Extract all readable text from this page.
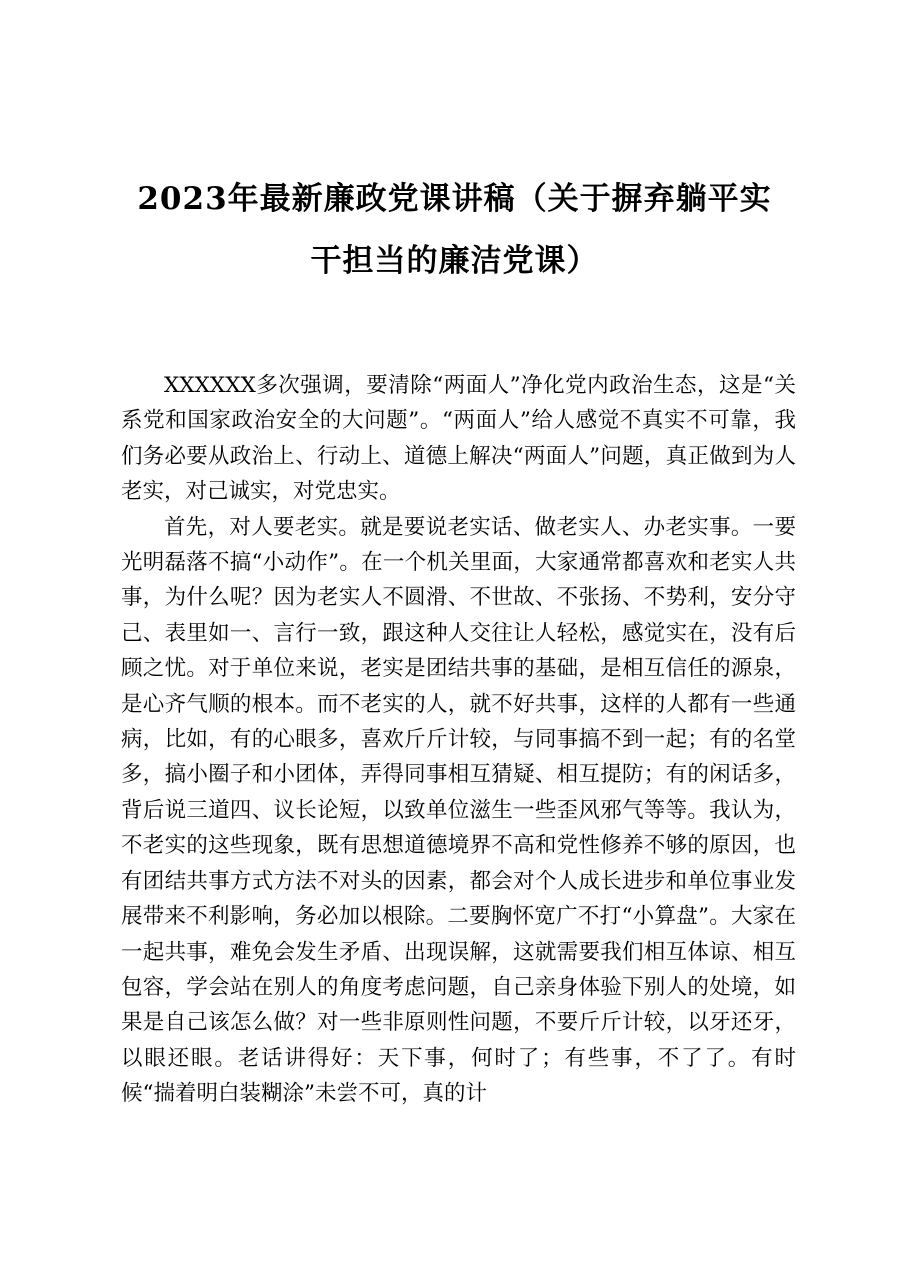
2023年最新廉政党课讲稿（关于摒弃躺平实
干担当的廉洁党课）

XXXXXX多次强调，要清除“两面人”净化党内政治生态，这是“关系党和国家政治安全的大问题”。“两面人”给人感觉不真实不可靠，我们务必要从政治上、行动上、道德上解决“两面人”问题，真正做到为人老实，对己诚实，对党忠实。

首先，对人要老实。就是要说老实话、做老实人、办老实事。一要光明磊落不搞“小动作”。在一个机关里面，大家通常都喜欢和老实人共事，为什么呢？因为老实人不圆滑、不世故、不张扬、不势利，安分守己、表里如一、言行一致，跟这种人交往让人轻松，感觉实在，没有后顾之忧。对于单位来说，老实是团结共事的基础，是相互信任的源泉，是心齐气顺的根本。而不老实的人，就不好共事，这样的人都有一些通病，比如，有的心眼多，喜欢斤斤计较，与同事搞不到一起；有的名堂多，搞小圈子和小团体，弄得同事相互猜疑、相互提防；有的闲话多，背后说三道四、议长论短，以致单位滋生一些歪风邪气等等。我认为，不老实的这些现象，既有思想道德境界不高和党性修养不够的原因，也有团结共事方式方法不对头的因素，都会对个人成长进步和单位事业发展带来不利影响，务必加以根除。二要胸怀宽广不打“小算盘”。大家在一起共事，难免会发生矛盾、出现误解，这就需要我们相互体谅、相互包容，学会站在别人的角度考虑问题，自己亲身体验下别人的处境，如果是自己该怎么做？对一些非原则性问题，不要斤斤计较，以牙还牙，以眼还眼。老话讲得好：天下事，何时了；有些事，不了了。有时候“揣着明白装糊涂”未尝不可，真的计
